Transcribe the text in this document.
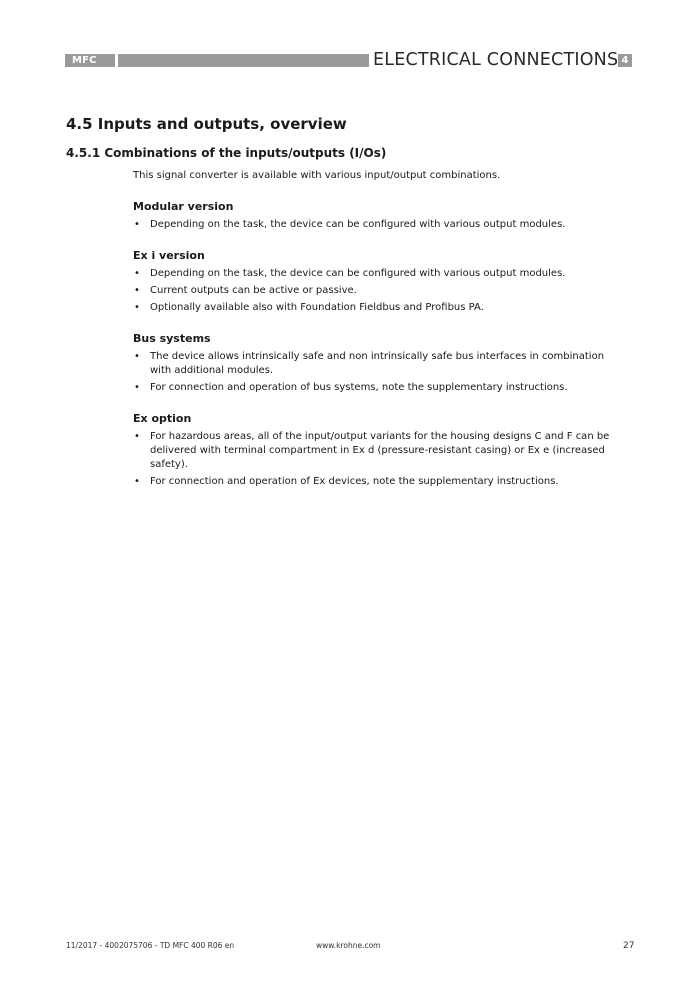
MFC 400
ELECTRICAL CONNECTIONS 4
4.5 Inputs and outputs, overview
4.5.1 Combinations of the inputs/outputs (I/Os)

This signal converter is available with various input/output combinations.

Modular version
• Depending on the task, the device can be configured with various output modules.
Ex i version
• Depending on the task, the device can be configured with various output modules.
• Current outputs can be active or passive.
• Optionally available also with Foundation Fieldbus and Profibus PA.
Bus systems
• The device allows intrinsically safe and non intrinsically safe bus interfaces in combination with additional modules.
• For connection and operation of bus systems, note the supplementary instructions.
Ex option
• For hazardous areas, all of the input/output variants for the housing designs C and F can be delivered with terminal compartment in Ex d (pressure-resistant casing) or Ex e (increased safety).
• For connection and operation of Ex devices, note the supplementary instructions.
11/2017 - 4002075706 - TD MFC 400 R06 en	www.krohne.com	27
